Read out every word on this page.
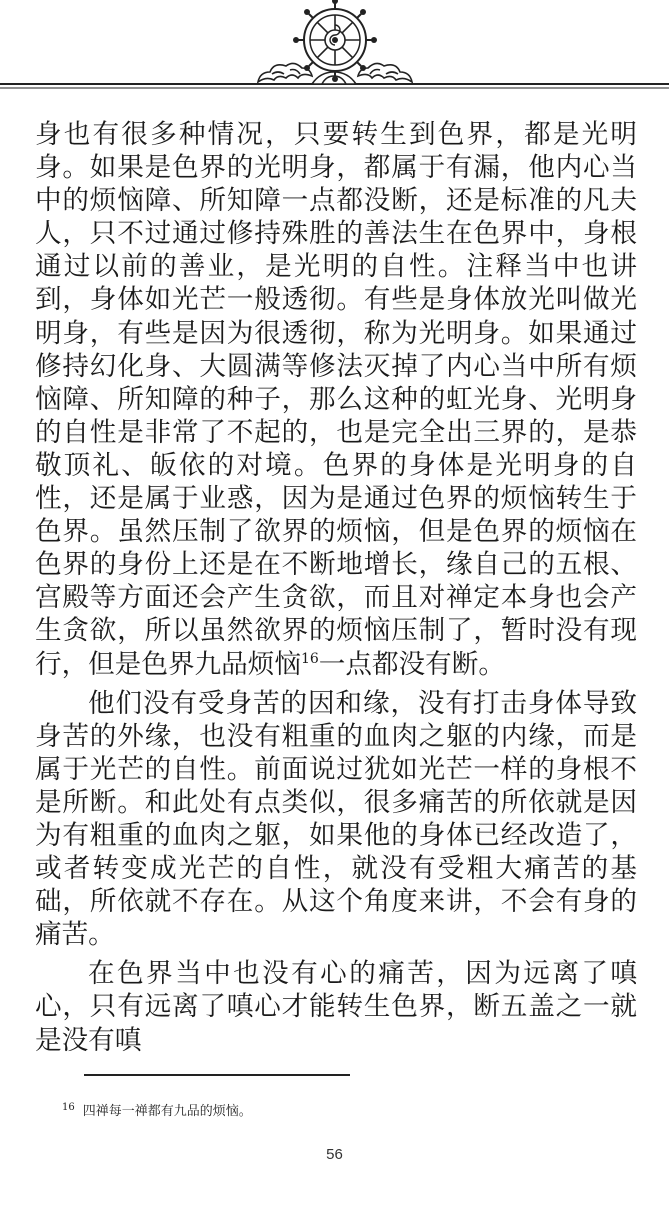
身也有很多种情况，只要转生到色界，都是光明身。如果是色界的光明身，都属于有漏，他内心当中的烦恼障、所知障一点都没断，还是标准的凡夫人，只不过通过修持殊胜的善法生在色界中，身根通过以前的善业，是光明的自性。注释当中也讲到，身体如光芒一般透彻。有些是身体放光叫做光明身，有些是因为很透彻，称为光明身。如果通过修持幻化身、大圆满等修法灭掉了内心当中所有烦恼障、所知障的种子，那么这种的虹光身、光明身的自性是非常了不起的，也是完全出三界的，是恭敬顶礼、皈依的对境。色界的身体是光明身的自性，还是属于业惑，因为是通过色界的烦恼转生于色界。虽然压制了欲界的烦恼，但是色界的烦恼在色界的身份上还是在不断地增长，缘自己的五根、宫殿等方面还会产生贪欲，而且对禅定本身也会产生贪欲，所以虽然欲界的烦恼压制了，暂时没有现行，但是色界九品烦恼$^{16}$一点都没有断。

他们没有受身苦的因和缘，没有打击身体导致身苦的外缘，也没有粗重的血肉之躯的内缘，而是属于光芒的自性。前面说过犹如光芒一样的身根不是所断。和此处有点类似，很多痛苦的所依就是因为有粗重的血肉之躯，如果他的身体已经改造了，或者转变成光芒的自性，就没有受粗大痛苦的基础，所依就不存在。从这个角度来讲，不会有身的痛苦。

在色界当中也没有心的痛苦，因为远离了嗔心，只有远离了嗔心才能转生色界，断五盖之一就是没有嗔

$^{16}$ 四禅每一禅都有九品的烦恼。
56
